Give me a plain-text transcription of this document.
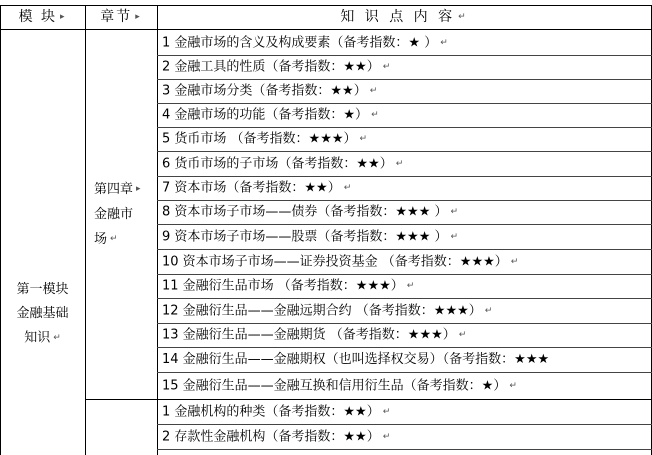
模 块 ▸	章节 ▸	知 识 点 内 容 ↵
第一模块
金融基础
知识 ↵
第四章 ▸
金融市
场 ↵
1 金融市场的含义及构成要素（备考指数：★ ） ↵
2 金融工具的性质（备考指数：★★） ↵
3 金融市场分类（备考指数：★★） ↵
4 金融市场的功能（备考指数：★） ↵
5 货币市场 （备考指数：★★★） ↵
6 货币市场的子市场（备考指数：★★） ↵
7 资本市场（备考指数：★★） ↵
8 资本市场子市场——债券（备考指数：★★★ ） ↵
9 资本市场子市场——股票（备考指数：★★★ ） ↵
10 资本市场子市场——证券投资基金 （备考指数：★★★） ↵
11 金融衍生品市场 （备考指数：★★★） ↵
12 金融衍生品——金融远期合约 （备考指数：★★★） ↵
13 金融衍生品——金融期货 （备考指数：★★★） ↵
14 金融衍生品——金融期权（也叫选择权交易）（备考指数：★★★
15 金融衍生品——金融互换和信用衍生品（备考指数：★） ↵
1 金融机构的种类（备考指数：★★） ↵
2 存款性金融机构（备考指数：★★） ↵
